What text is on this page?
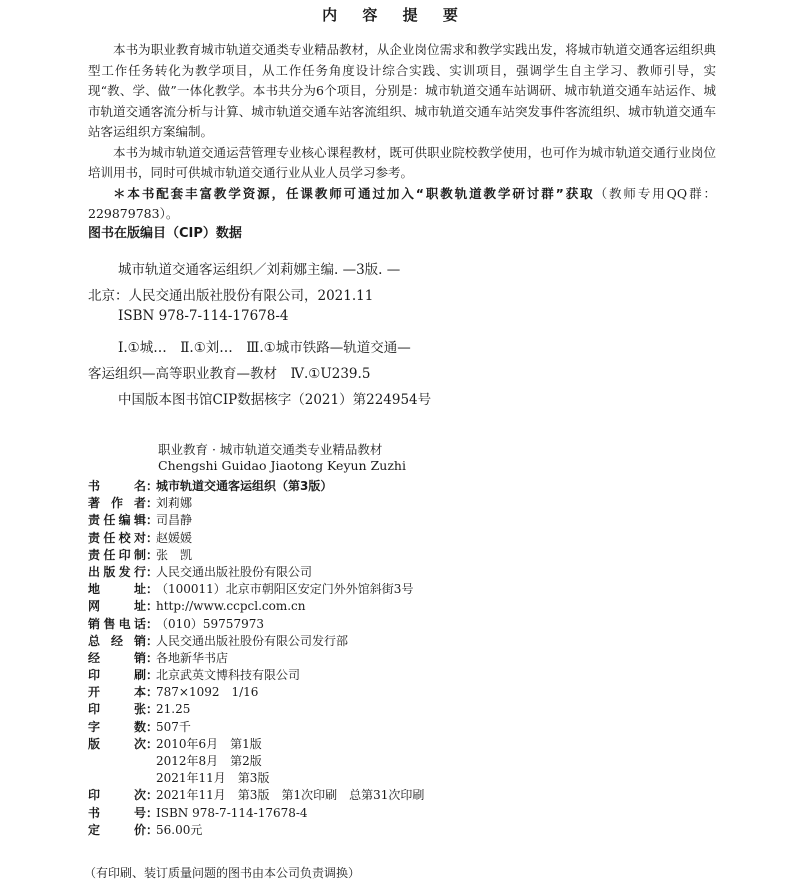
内 容 提 要

本书为职业教育城市轨道交通类专业精品教材，从企业岗位需求和教学实践出发，将城市轨道交通客运组织典型工作任务转化为教学项目，从工作任务角度设计综合实践、实训项目，强调学生自主学习、教师引导，实现“教、学、做”一体化教学。本书共分为6个项目，分别是：城市轨道交通车站调研、城市轨道交通车站运作、城市轨道交通客流分析与计算、城市轨道交通车站客流组织、城市轨道交通车站突发事件客流组织、城市轨道交通车站客运组织方案编制。

本书为城市轨道交通运营管理专业核心课程教材，既可供职业院校教学使用，也可作为城市轨道交通行业岗位培训用书，同时可供城市轨道交通行业从业人员学习参考。

＊本书配套丰富教学资源，任课教师可通过加入“职教轨道教学研讨群”获取（教师专用QQ群：229879783）。

图书在版编目（CIP）数据
城市轨道交通客运组织／刘莉娜主编. —3版. —
北京：人民交通出版社股份有限公司，2021.11
ISBN 978-7-114-17678-4
Ⅰ.①城…　Ⅱ.①刘…　Ⅲ.①城市铁路—轨道交通—
客运组织—高等职业教育—教材　Ⅳ.①U239.5
中国版本图书馆CIP数据核字（2021）第224954号
职业教育 · 城市轨道交通类专业精品教材
Chengshi Guidao Jiaotong Keyun Zuzhi
书名 ：
城市轨道交通客运组织（第3版）
著作者 ：
刘莉娜
责任编辑 ：
司昌静
责任校对 ：
赵媛媛
责任印制 ：
张　凯
出版发行 ：
人民交通出版社股份有限公司
地址 ：
（100011）北京市朝阳区安定门外外馆斜街3号
网址 ：
http://www.ccpcl.com.cn
销售电话 ：
（010）59757973
总经销 ：
人民交通出版社股份有限公司发行部
经销 ：
各地新华书店
印刷 ：
北京武英文博科技有限公司
开本 ：
787×1092　1/16
印张 ：
21.25
字数 ：
507千
版次 ：
2010年6月　第1版
2012年8月　第2版
2021年11月　第3版
印次 ：
2021年11月　第3版　第1次印刷　总第31次印刷
书号 ：
ISBN 978-7-114-17678-4
定价 ：
56.00元
（有印刷、装订质量问题的图书由本公司负责调换）
